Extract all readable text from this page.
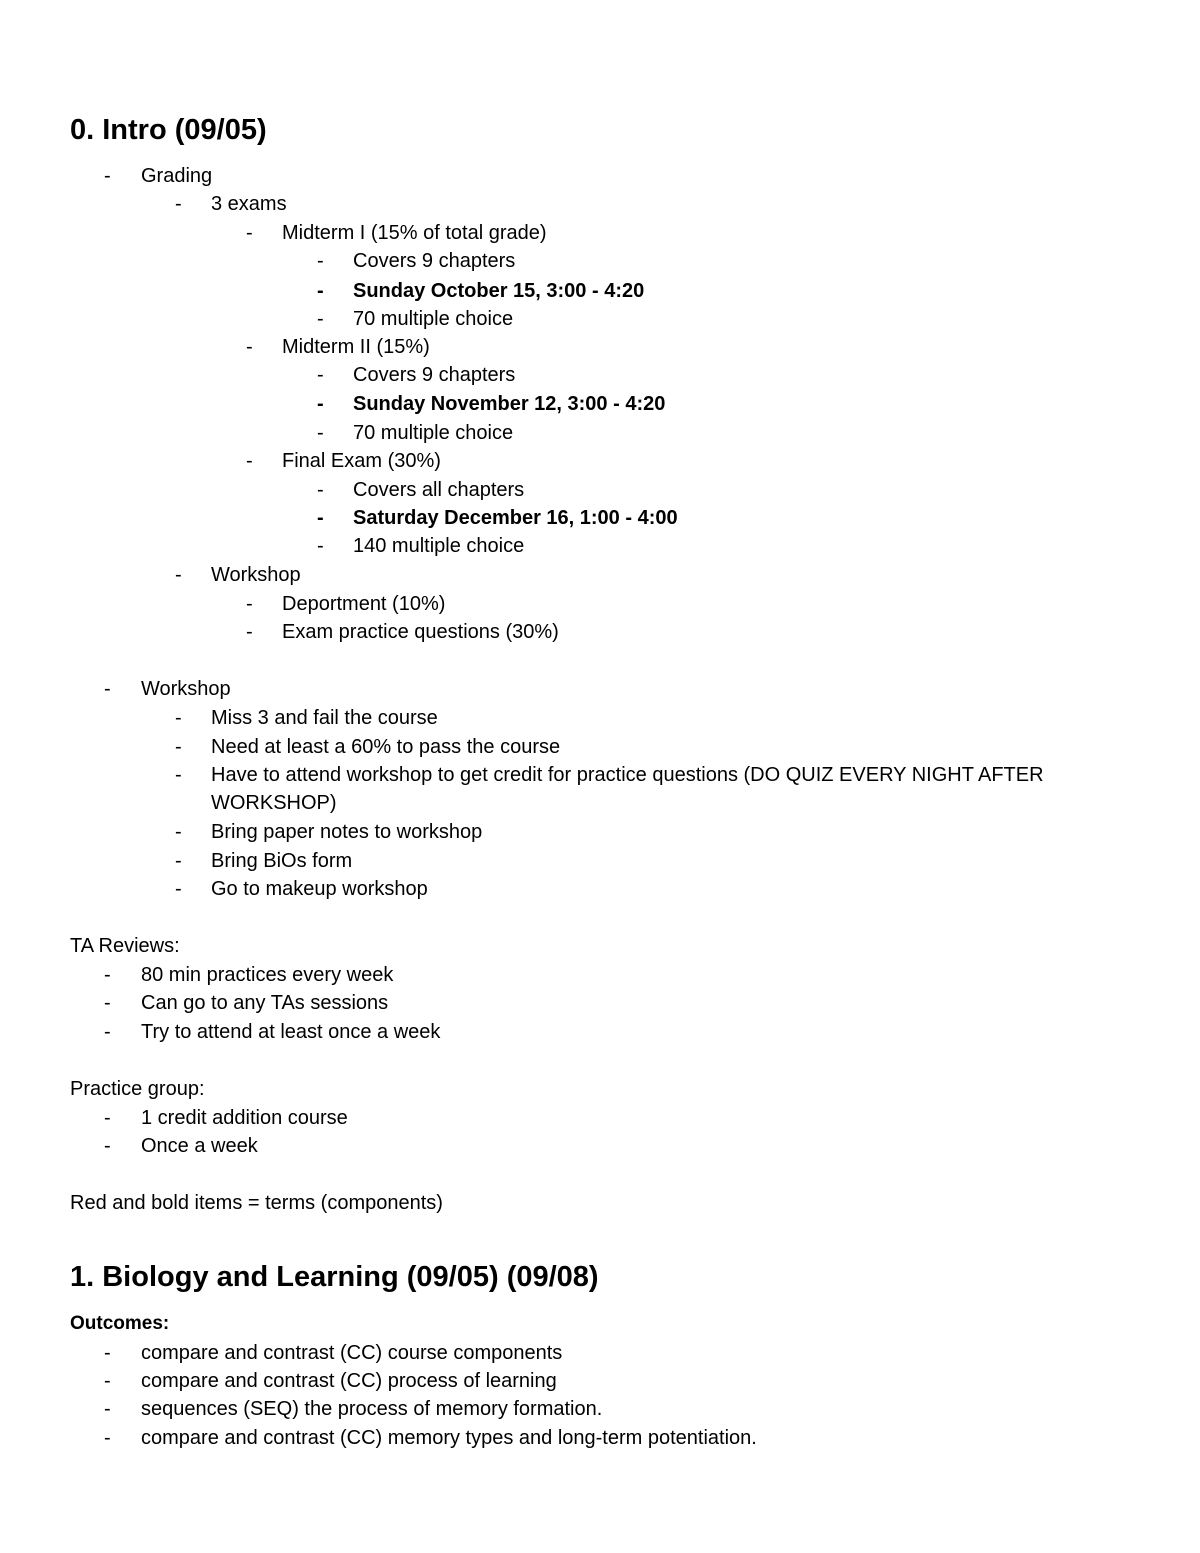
0. Intro (09/05)
- Grading
- 3 exams
- Midterm I (15% of total grade)
- Covers 9 chapters
- Sunday October 15, 3:00 - 4:20
- 70 multiple choice
- Midterm II (15%)
- Covers 9 chapters
- Sunday November 12, 3:00 - 4:20
- 70 multiple choice
- Final Exam (30%)
- Covers all chapters
- Saturday December 16, 1:00 - 4:00
- 140 multiple choice
- Workshop
- Deportment (10%)
- Exam practice questions (30%)
- Workshop
- Miss 3 and fail the course
- Need at least a 60% to pass the course
- Have to attend workshop to get credit for practice questions (DO QUIZ EVERY NIGHT AFTER
WORKSHOP)
- Bring paper notes to workshop
- Bring BiOs form
- Go to makeup workshop
TA Reviews:
- 80 min practices every week
- Can go to any TAs sessions
- Try to attend at least once a week
Practice group:
- 1 credit addition course
- Once a week
Red and bold items = terms (components)
1. Biology and Learning (09/05) (09/08)
Outcomes:
- compare and contrast (CC) course components
- compare and contrast (CC) process of learning
- sequences (SEQ) the process of memory formation.
- compare and contrast (CC) memory types and long-term potentiation.
